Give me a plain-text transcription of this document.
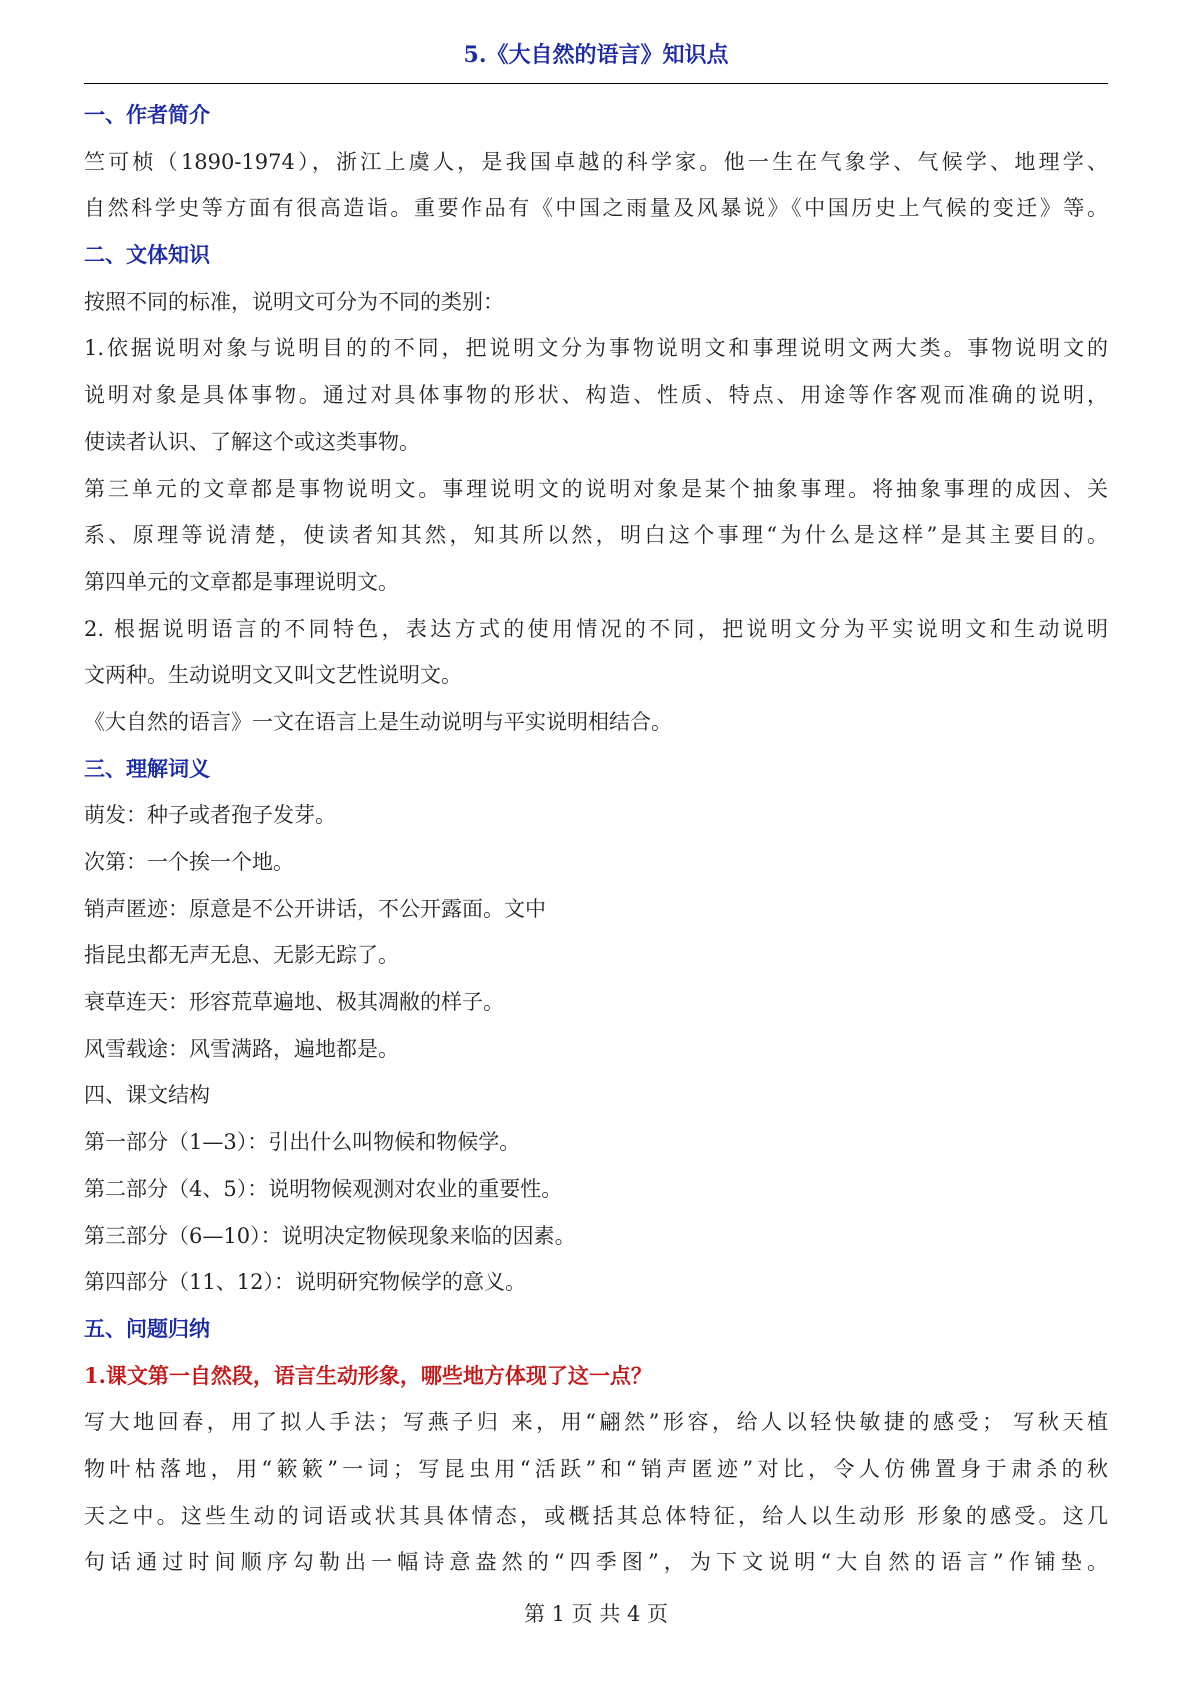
5.《大自然的语言》知识点
一、作者简介
竺可桢（1890-1974），浙江上虞人，是我国卓越的科学家。他一生在气象学、气候学、地理学、
自然科学史等方面有很高造诣。重要作品有《中国之雨量及风暴说》《中国历史上气候的变迁》等。
二、文体知识
按照不同的标准，说明文可分为不同的类别：
1.依据说明对象与说明目的的不同，把说明文分为事物说明文和事理说明文两大类。事物说明文的
说明对象是具体事物。通过对具体事物的形状、构造、性质、特点、用途等作客观而准确的说明，
使读者认识、了解这个或这类事物。
第三单元的文章都是事物说明文。事理说明文的说明对象是某个抽象事理。将抽象事理的成因、关
系、原理等说清楚，使读者知其然，知其所以然，明白这个事理“为什么是这样”是其主要目的。
第四单元的文章都是事理说明文。
2. 根据说明语言的不同特色，表达方式的使用情况的不同，把说明文分为平实说明文和生动说明
文两种。生动说明文又叫文艺性说明文。
《大自然的语言》一文在语言上是生动说明与平实说明相结合。
三、理解词义
萌发：种子或者孢子发芽。
次第：一个挨一个地。
销声匿迹：原意是不公开讲话，不公开露面。文中
指昆虫都无声无息、无影无踪了。
衰草连天：形容荒草遍地、极其凋敝的样子。
风雪载途：风雪满路，遍地都是。
四、课文结构
第一部分（1—3）：引出什么叫物候和物候学。
第二部分（4、5）：说明物候观测对农业的重要性。
第三部分（6—10）：说明决定物候现象来临的因素。
第四部分（11、12）：说明研究物候学的意义。
五、问题归纳
1.课文第一自然段，语言生动形象，哪些地方体现了这一点？
写大地回春，用了拟人手法；写燕子归 来，用“翩然”形容，给人以轻快敏捷的感受； 写秋天植
物叶枯落地，用“簌簌”一词；写昆虫用“活跃”和“销声匿迹”对比，令人仿佛置身于肃杀的秋
天之中。这些生动的词语或状其具体情态，或概括其总体特征，给人以生动形 形象的感受。这几
句话通过时间顺序勾勒出一幅诗意盎然的“四季图”，为下文说明“大自然的语言”作铺垫。
第 1 页 共 4 页
